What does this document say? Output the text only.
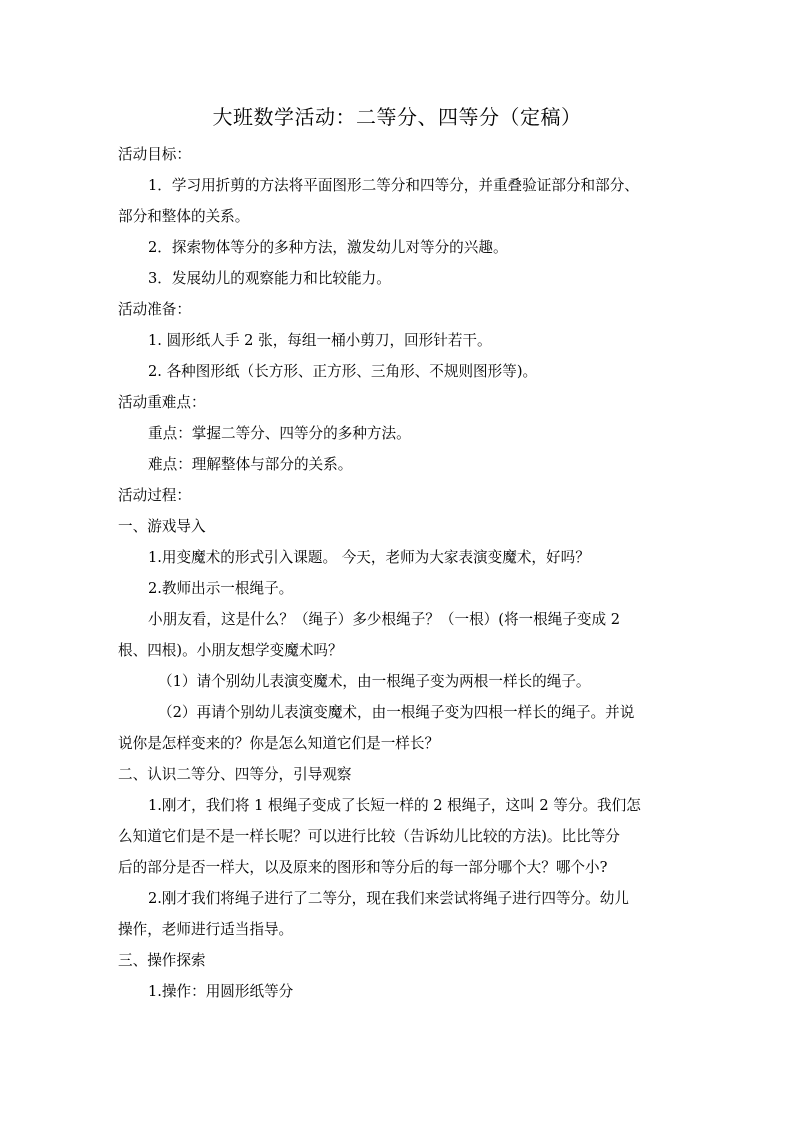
大班数学活动：二等分、四等分（定稿）
活动目标：
1．学习用折剪的方法将平面图形二等分和四等分，并重叠验证部分和部分、
部分和整体的关系。
2．探索物体等分的多种方法，激发幼儿对等分的兴趣。
3．发展幼儿的观察能力和比较能力。
活动准备：
1. 圆形纸人手 2 张，每组一桶小剪刀，回形针若干。
2. 各种图形纸（长方形、正方形、三角形、不规则图形等)。
活动重难点：
重点：掌握二等分、四等分的多种方法。
难点：理解整体与部分的关系。
活动过程：
一、游戏导入
1.用变魔术的形式引入课题。 今天，老师为大家表演变魔术，好吗？
2.教师出示一根绳子。
小朋友看，这是什么？（绳子）多少根绳子？（一根）(将一根绳子变成 2
根、四根)。小朋友想学变魔术吗？
（1）请个别幼儿表演变魔术，由一根绳子变为两根一样长的绳子。
（2）再请个别幼儿表演变魔术，由一根绳子变为四根一样长的绳子。并说
说你是怎样变来的？你是怎么知道它们是一样长？
二、认识二等分、四等分，引导观察
1.刚才，我们将 1 根绳子变成了长短一样的 2 根绳子，这叫 2 等分。我们怎
么知道它们是不是一样长呢？可以进行比较（告诉幼儿比较的方法)。比比等分
后的部分是否一样大，以及原来的图形和等分后的每一部分哪个大？哪个小?
2.刚才我们将绳子进行了二等分，现在我们来尝试将绳子进行四等分。幼儿
操作，老师进行适当指导。
三、操作探索
1.操作：用圆形纸等分
